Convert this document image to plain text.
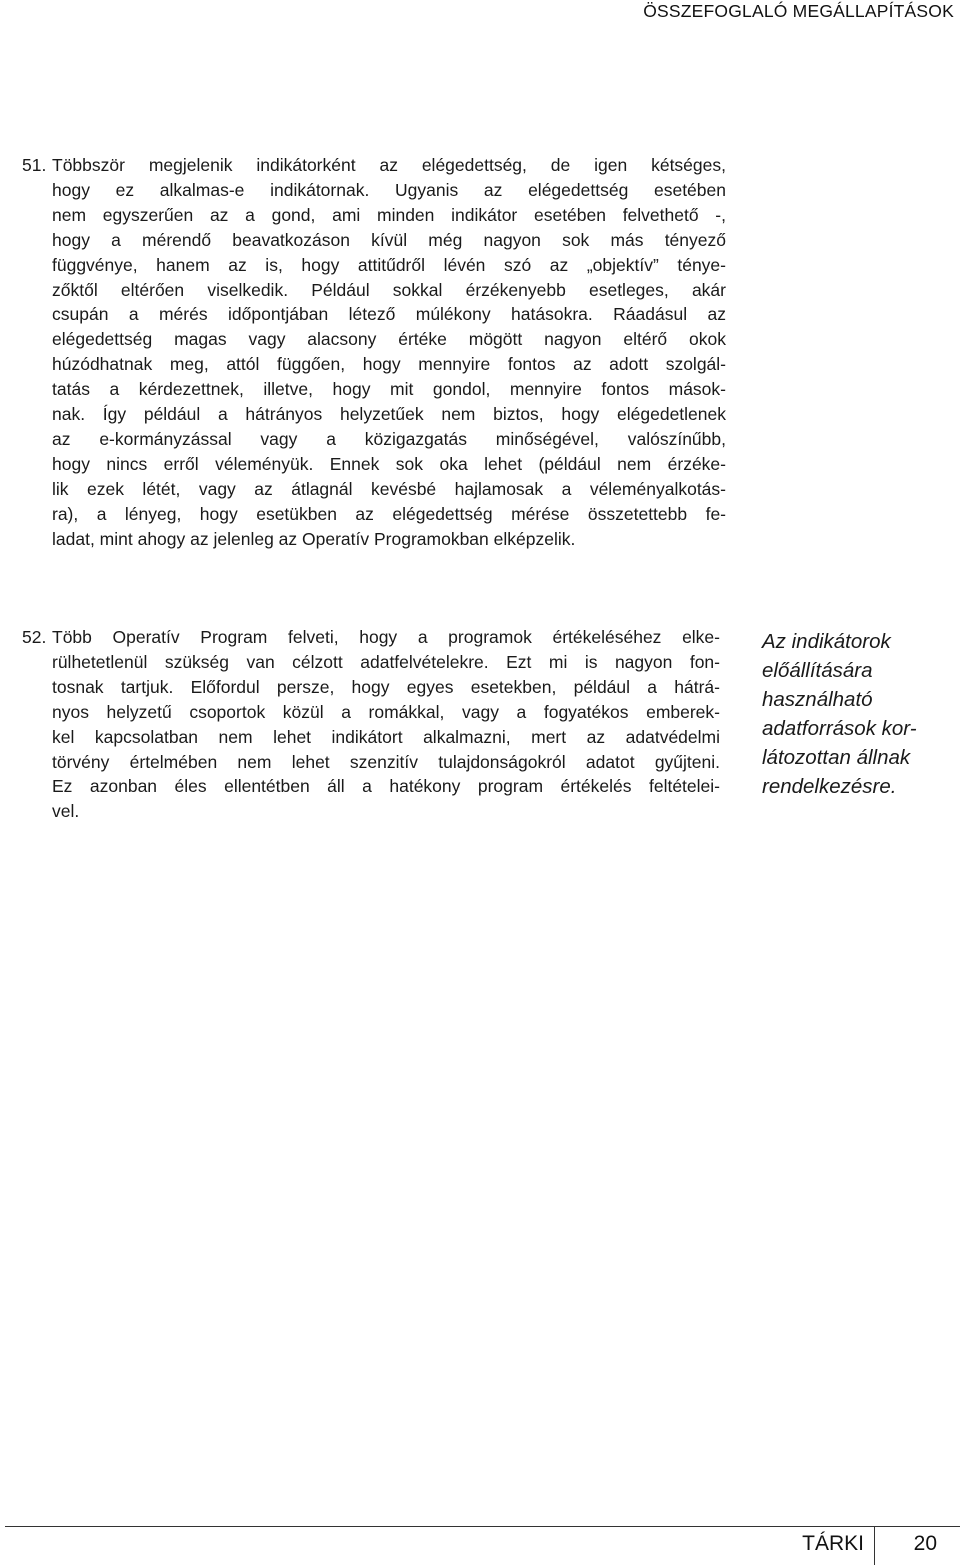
ÖSSZEFOGLALÓ MEGÁLLAPÍTÁSOK
51. Többször megjelenik indikátorként az elégedettség, de igen kétséges,
hogy ez alkalmas-e indikátornak. Ugyanis az elégedettség esetében
nem egyszerűen az a gond, ami minden indikátor esetében felvethető -,
hogy a mérendő beavatkozáson kívül még nagyon sok más tényező
függvénye, hanem az is, hogy attitűdről lévén szó az „objektív” ténye-
zőktől eltérően viselkedik. Például sokkal érzékenyebb esetleges, akár
csupán a mérés időpontjában létező múlékony hatásokra. Ráadásul az
elégedettség magas vagy alacsony értéke mögött nagyon eltérő okok
húzódhatnak meg, attól függően, hogy mennyire fontos az adott szolgál-
tatás a kérdezettnek, illetve, hogy mit gondol, mennyire fontos mások-
nak. Így például a hátrányos helyzetűek nem biztos, hogy elégedetlenek
az e-kormányzással vagy a közigazgatás minőségével, valószínűbb,
hogy nincs erről véleményük. Ennek sok oka lehet (például nem érzéke-
lik ezek létét, vagy az átlagnál kevésbé hajlamosak a véleményalkotás-
ra), a lényeg, hogy esetükben az elégedettség mérése összetettebb fe-
ladat, mint ahogy az jelenleg az Operatív Programokban elképzelik.
52. Több Operatív Program felveti, hogy a programok értékeléséhez elke-
rülhetetlenül szükség van célzott adatfelvételekre. Ezt mi is nagyon fon-
tosnak tartjuk. Előfordul persze, hogy egyes esetekben, például a hátrá-
nyos helyzetű csoportok közül a romákkal, vagy a fogyatékos emberek-
kel kapcsolatban nem lehet indikátort alkalmazni, mert az adatvédelmi
törvény értelmében nem lehet szenzitív tulajdonságokról adatot gyűjteni.
Ez azonban éles ellentétben áll a hatékony program értékelés feltételei-
vel.
Az indikátorok
előállítására
használható
adatforrások kor-
látozottan állnak
rendelkezésre.
TÁRKI 20
